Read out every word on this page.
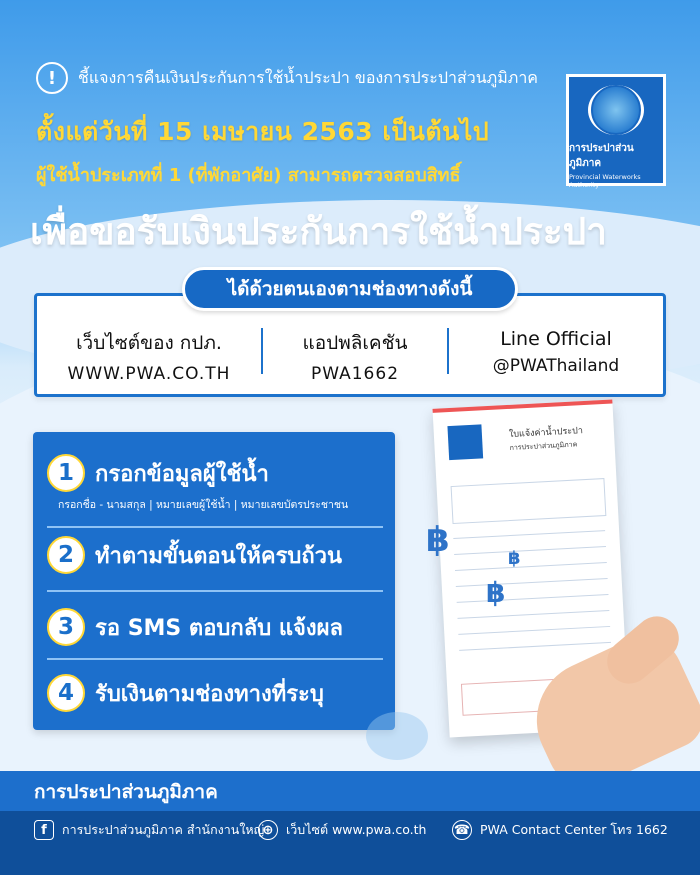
!	ชี้แจงการคืนเงินประกันการใช้น้ำประปา ของการประปาส่วนภูมิภาค
ตั้งแต่วันที่ 15 เมษายน 2563 เป็นต้นไป
ผู้ใช้น้ำประเภทที่ 1 (ที่พักอาศัย) สามารถตรวจสอบสิทธิ์
เพื่อขอรับเงินประกันการใช้น้ำประปา
การประปาส่วนภูมิภาค
Provincial Waterworks Authority
เว็บไซต์ของ กปภ.
WWW.PWA.CO.TH
แอปพลิเคชัน
PWA1662
Line Official
@PWAThailand
ได้ด้วยตนเองตามช่องทางดังนี้
1 กรอกข้อมูลผู้ใช้น้ำ
2 ทำตามขั้นตอนให้ครบถ้วน
3 รอ SMS ตอบกลับ แจ้งผล
4 รับเงินตามช่องทางที่ระบุ
กรอกชื่อ - นามสกุล | หมายเลขผู้ใช้น้ำ | หมายเลขบัตรประชาชน
ใบแจ้งค่าน้ำประปา
การประปาส่วนภูมิภาค
฿	฿
฿
การประปาส่วนภูมิภาค
f	การประปาส่วนภูมิภาค สำนักงานใหญ่
⊕	เว็บไซต์ www.pwa.co.th ☎ PWA Contact Center โทร 1662
